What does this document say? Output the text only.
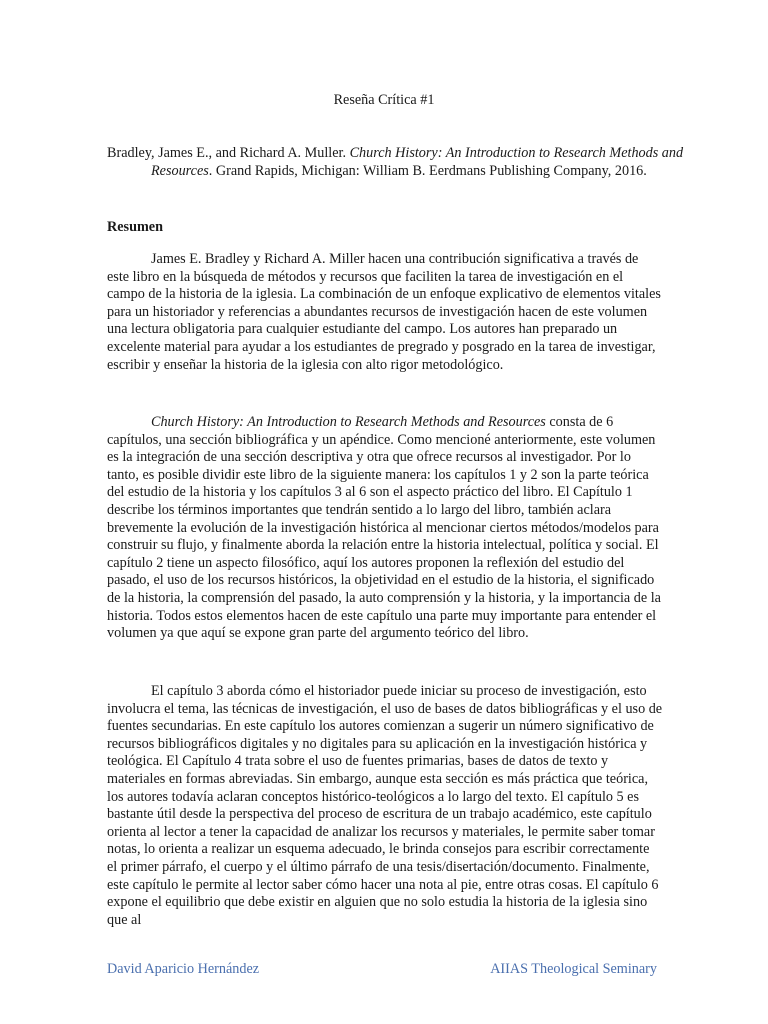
Reseña Crítica #1
Bradley, James E., and Richard A. Muller. Church History: An Introduction to Research Methods and Resources. Grand Rapids, Michigan: William B. Eerdmans Publishing Company, 2016.
Resumen

James E. Bradley y Richard A. Miller hacen una contribución significativa a través de este libro en la búsqueda de métodos y recursos que faciliten la tarea de investigación en el campo de la historia de la iglesia. La combinación de un enfoque explicativo de elementos vitales para un historiador y referencias a abundantes recursos de investigación hacen de este volumen una lectura obligatoria para cualquier estudiante del campo. Los autores han preparado un excelente material para ayudar a los estudiantes de pregrado y posgrado en la tarea de investigar, escribir y enseñar la historia de la iglesia con alto rigor metodológico.

Church History: An Introduction to Research Methods and Resources consta de 6 capítulos, una sección bibliográfica y un apéndice. Como mencioné anteriormente, este volumen es la integración de una sección descriptiva y otra que ofrece recursos al investigador. Por lo tanto, es posible dividir este libro de la siguiente manera: los capítulos 1 y 2 son la parte teórica del estudio de la historia y los capítulos 3 al 6 son el aspecto práctico del libro. El Capítulo 1 describe los términos importantes que tendrán sentido a lo largo del libro, también aclara brevemente la evolución de la investigación histórica al mencionar ciertos métodos/modelos para construir su flujo, y finalmente aborda la relación entre la historia intelectual, política y social. El capítulo 2 tiene un aspecto filosófico, aquí los autores proponen la reflexión del estudio del pasado, el uso de los recursos históricos, la objetividad en el estudio de la historia, el significado de la historia, la comprensión del pasado, la auto comprensión y la historia, y la importancia de la historia. Todos estos elementos hacen de este capítulo una parte muy importante para entender el volumen ya que aquí se expone gran parte del argumento teórico del libro.

El capítulo 3 aborda cómo el historiador puede iniciar su proceso de investigación, esto involucra el tema, las técnicas de investigación, el uso de bases de datos bibliográficas y el uso de fuentes secundarias. En este capítulo los autores comienzan a sugerir un número significativo de recursos bibliográficos digitales y no digitales para su aplicación en la investigación histórica y teológica. El Capítulo 4 trata sobre el uso de fuentes primarias, bases de datos de texto y materiales en formas abreviadas. Sin embargo, aunque esta sección es más práctica que teórica, los autores todavía aclaran conceptos histórico-teológicos a lo largo del texto. El capítulo 5 es bastante útil desde la perspectiva del proceso de escritura de un trabajo académico, este capítulo orienta al lector a tener la capacidad de analizar los recursos y materiales, le permite saber tomar notas, lo orienta a realizar un esquema adecuado, le brinda consejos para escribir correctamente el primer párrafo, el cuerpo y el último párrafo de una tesis/disertación/documento. Finalmente, este capítulo le permite al lector saber cómo hacer una nota al pie, entre otras cosas. El capítulo 6 expone el equilibrio que debe existir en alguien que no solo estudia la historia de la iglesia sino que al

David Aparicio Hernández	AIIAS Theological Seminary
